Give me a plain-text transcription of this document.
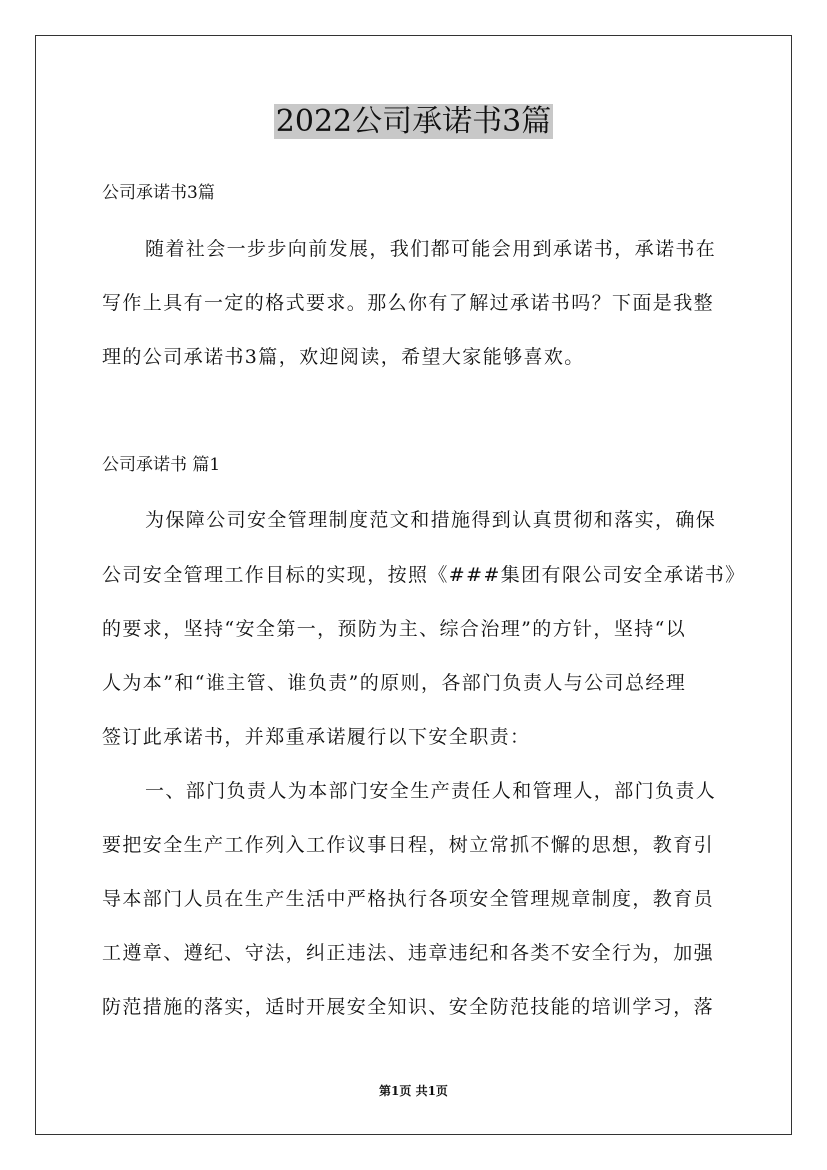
2022公司承诺书3篇
公司承诺书3篇
随着社会一步步向前发展，我们都可能会用到承诺书，承诺书在
写作上具有一定的格式要求。那么你有了解过承诺书吗？下面是我整
理的公司承诺书3篇，欢迎阅读，希望大家能够喜欢。
公司承诺书 篇1
为保障公司安全管理制度范文和措施得到认真贯彻和落实，确保
公司安全管理工作目标的实现，按照《###集团有限公司安全承诺书》
的要求，坚持“安全第一，预防为主、综合治理”的方针，坚持“以
人为本”和“谁主管、谁负责”的原则，各部门负责人与公司总经理
签订此承诺书，并郑重承诺履行以下安全职责：
一、部门负责人为本部门安全生产责任人和管理人，部门负责人
要把安全生产工作列入工作议事日程，树立常抓不懈的思想，教育引
导本部门人员在生产生活中严格执行各项安全管理规章制度，教育员
工遵章、遵纪、守法，纠正违法、违章违纪和各类不安全行为，加强
防范措施的落实，适时开展安全知识、安全防范技能的培训学习，落
第1页 共1页
